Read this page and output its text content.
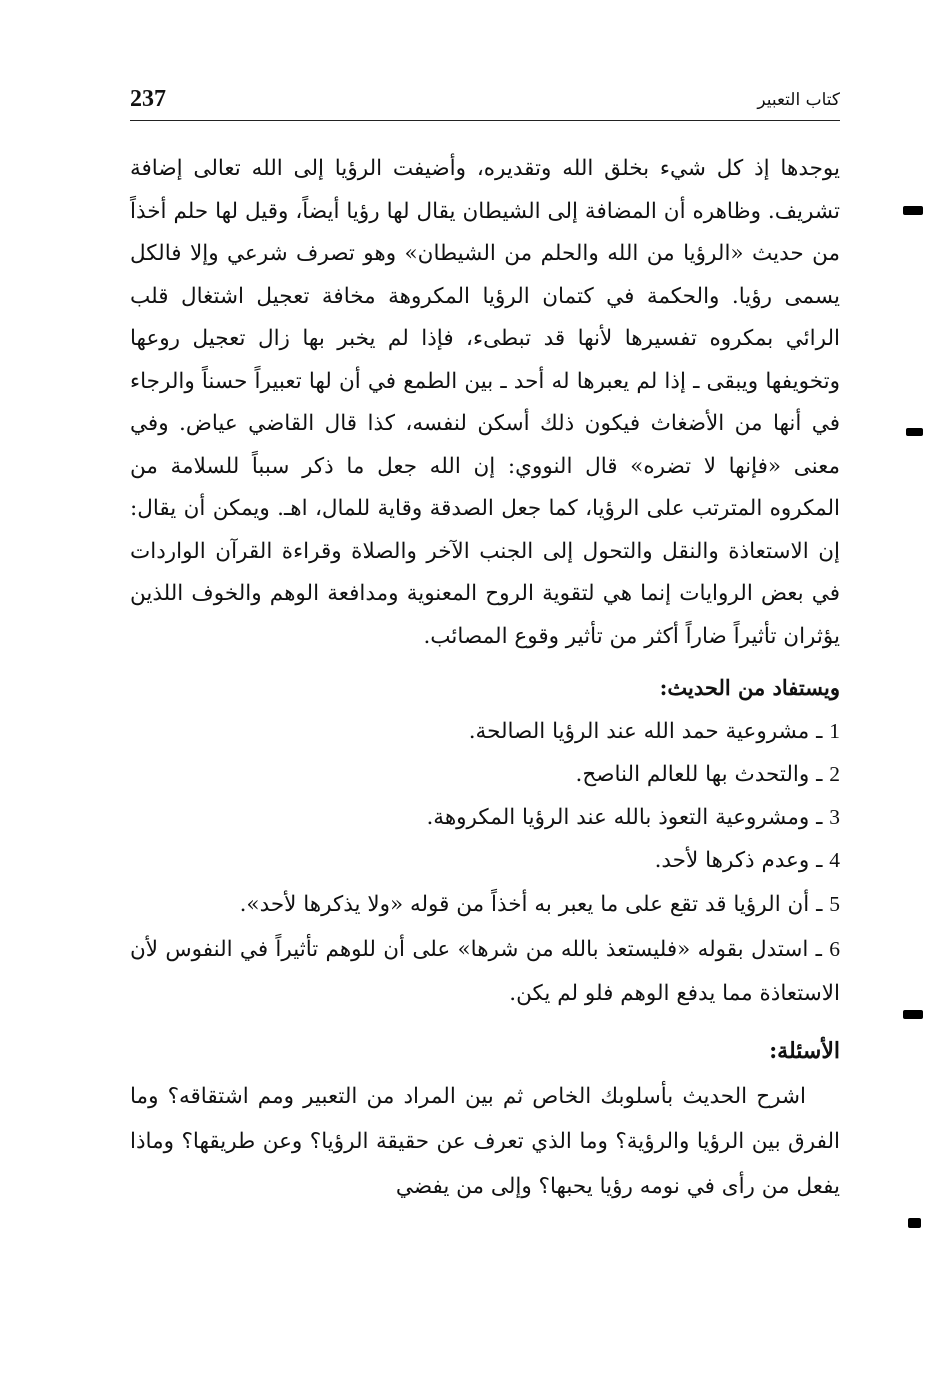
237	كتاب التعبير

يوجدها إذ كل شيء بخلق الله وتقديره، وأضيفت الرؤيا إلى الله تعالى إضافة تشريف. وظاهره أن المضافة إلى الشيطان يقال لها رؤيا أيضاً، وقيل لها حلم أخذاً من حديث «الرؤيا من الله والحلم من الشيطان» وهو تصرف شرعي وإلا فالكل يسمى رؤيا. والحكمة في كتمان الرؤيا المكروهة مخافة تعجيل اشتغال قلب الرائي بمكروه تفسيرها لأنها قد تبطىء، فإذا لم يخبر بها زال تعجيل روعها وتخويفها ويبقى ـ إذا لم يعبرها له أحد ـ بين الطمع في أن لها تعبيراً حسناً والرجاء في أنها من الأضغاث فيكون ذلك أسكن لنفسه، كذا قال القاضي عياض. وفي معنى «فإنها لا تضره» قال النووي: إن الله جعل ما ذكر سبباً للسلامة من المكروه المترتب على الرؤيا، كما جعل الصدقة وقاية للمال، اهـ. ويمكن أن يقال: إن الاستعاذة والنقل والتحول إلى الجنب الآخر والصلاة وقراءة القرآن الواردات في بعض الروايات إنما هي لتقوية الروح المعنوية ومدافعة الوهم والخوف اللذين يؤثران تأثيراً ضاراً أكثر من تأثير وقوع المصائب.

ويستفاد من الحديث:

1 ـ مشروعية حمد الله عند الرؤيا الصالحة.
2 ـ والتحدث بها للعالم الناصح.
3 ـ ومشروعية التعوذ بالله عند الرؤيا المكروهة.
4 ـ وعدم ذكرها لأحد.
5 ـ أن الرؤيا قد تقع على ما يعبر به أخذاً من قوله «ولا يذكرها لأحد».
6 ـ استدل بقوله «فليستعذ بالله من شرها» على أن للوهم تأثيراً في النفوس لأن الاستعاذة مما يدفع الوهم فلو لم يكن.

الأسئلة:

اشرح الحديث بأسلوبك الخاص ثم بين المراد من التعبير ومم اشتقاقه؟ وما الفرق بين الرؤيا والرؤية؟ وما الذي تعرف عن حقيقة الرؤيا؟ وعن طريقها؟ وماذا يفعل من رأى في نومه رؤيا يحبها؟ وإلى من يفضي
